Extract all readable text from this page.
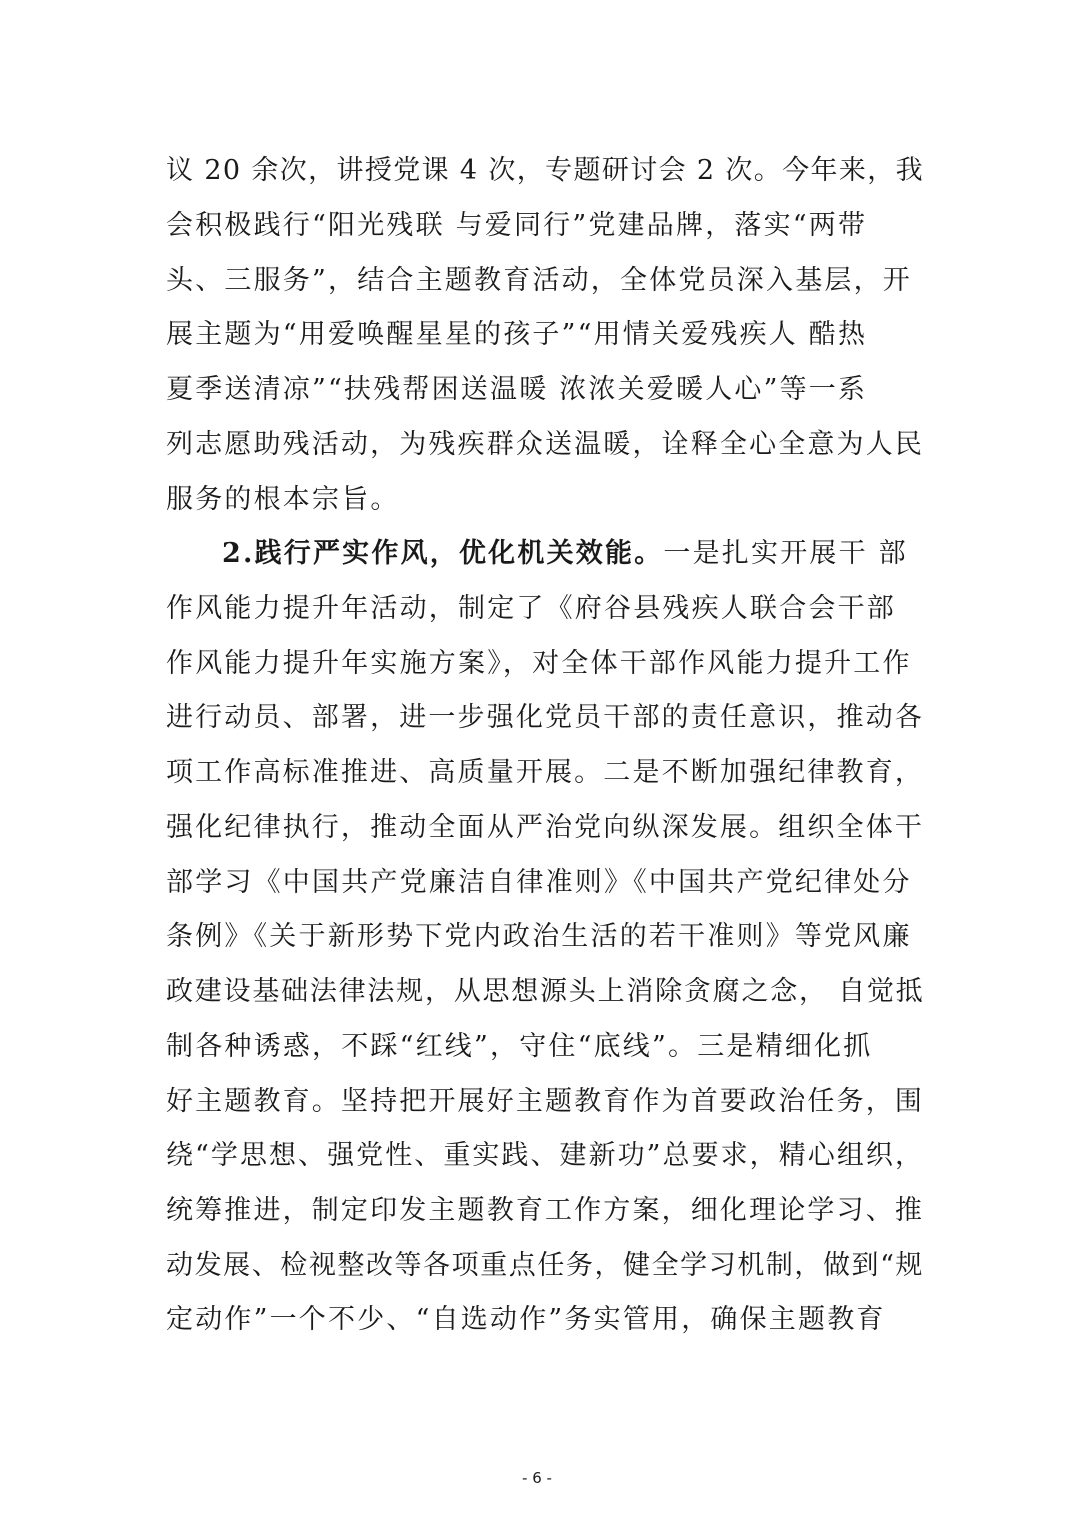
议 20 余次，讲授党课 4 次，专题研讨会 2 次。今年来，我
会积极践行“阳光残联 与爱同行”党建品牌，落实“两带
头、三服务”，结合主题教育活动，全体党员深入基层，开
展主题为“用爱唤醒星星的孩子”“用情关爱残疾人 酷热
夏季送清凉”“扶残帮困送温暖 浓浓关爱暖人心”等一系
列志愿助残活动，为残疾群众送温暖，诠释全心全意为人民
服务的根本宗旨。
2.践行严实作风，优化机关效能。一是扎实开展干 部
作风能力提升年活动，制定了《府谷县残疾人联合会干部
作风能力提升年实施方案》，对全体干部作风能力提升工作
进行动员、部署，进一步强化党员干部的责任意识，推动各
项工作高标准推进、高质量开展。二是不断加强纪律教育，
强化纪律执行，推动全面从严治党向纵深发展。组织全体干
部学习《中国共产党廉洁自律准则》《中国共产党纪律处分
条例》《关于新形势下党内政治生活的若干准则》等党风廉
政建设基础法律法规，从思想源头上消除贪腐之念， 自觉抵
制各种诱惑，不踩“红线”，守住“底线”。三是精细化抓
好主题教育。坚持把开展好主题教育作为首要政治任务，围
绕“学思想、强党性、重实践、建新功”总要求，精心组织，
统筹推进，制定印发主题教育工作方案，细化理论学习、推
动发展、检视整改等各项重点任务，健全学习机制，做到“规
定动作”一个不少、“自选动作”务实管用，确保主题教育
- 6 -
